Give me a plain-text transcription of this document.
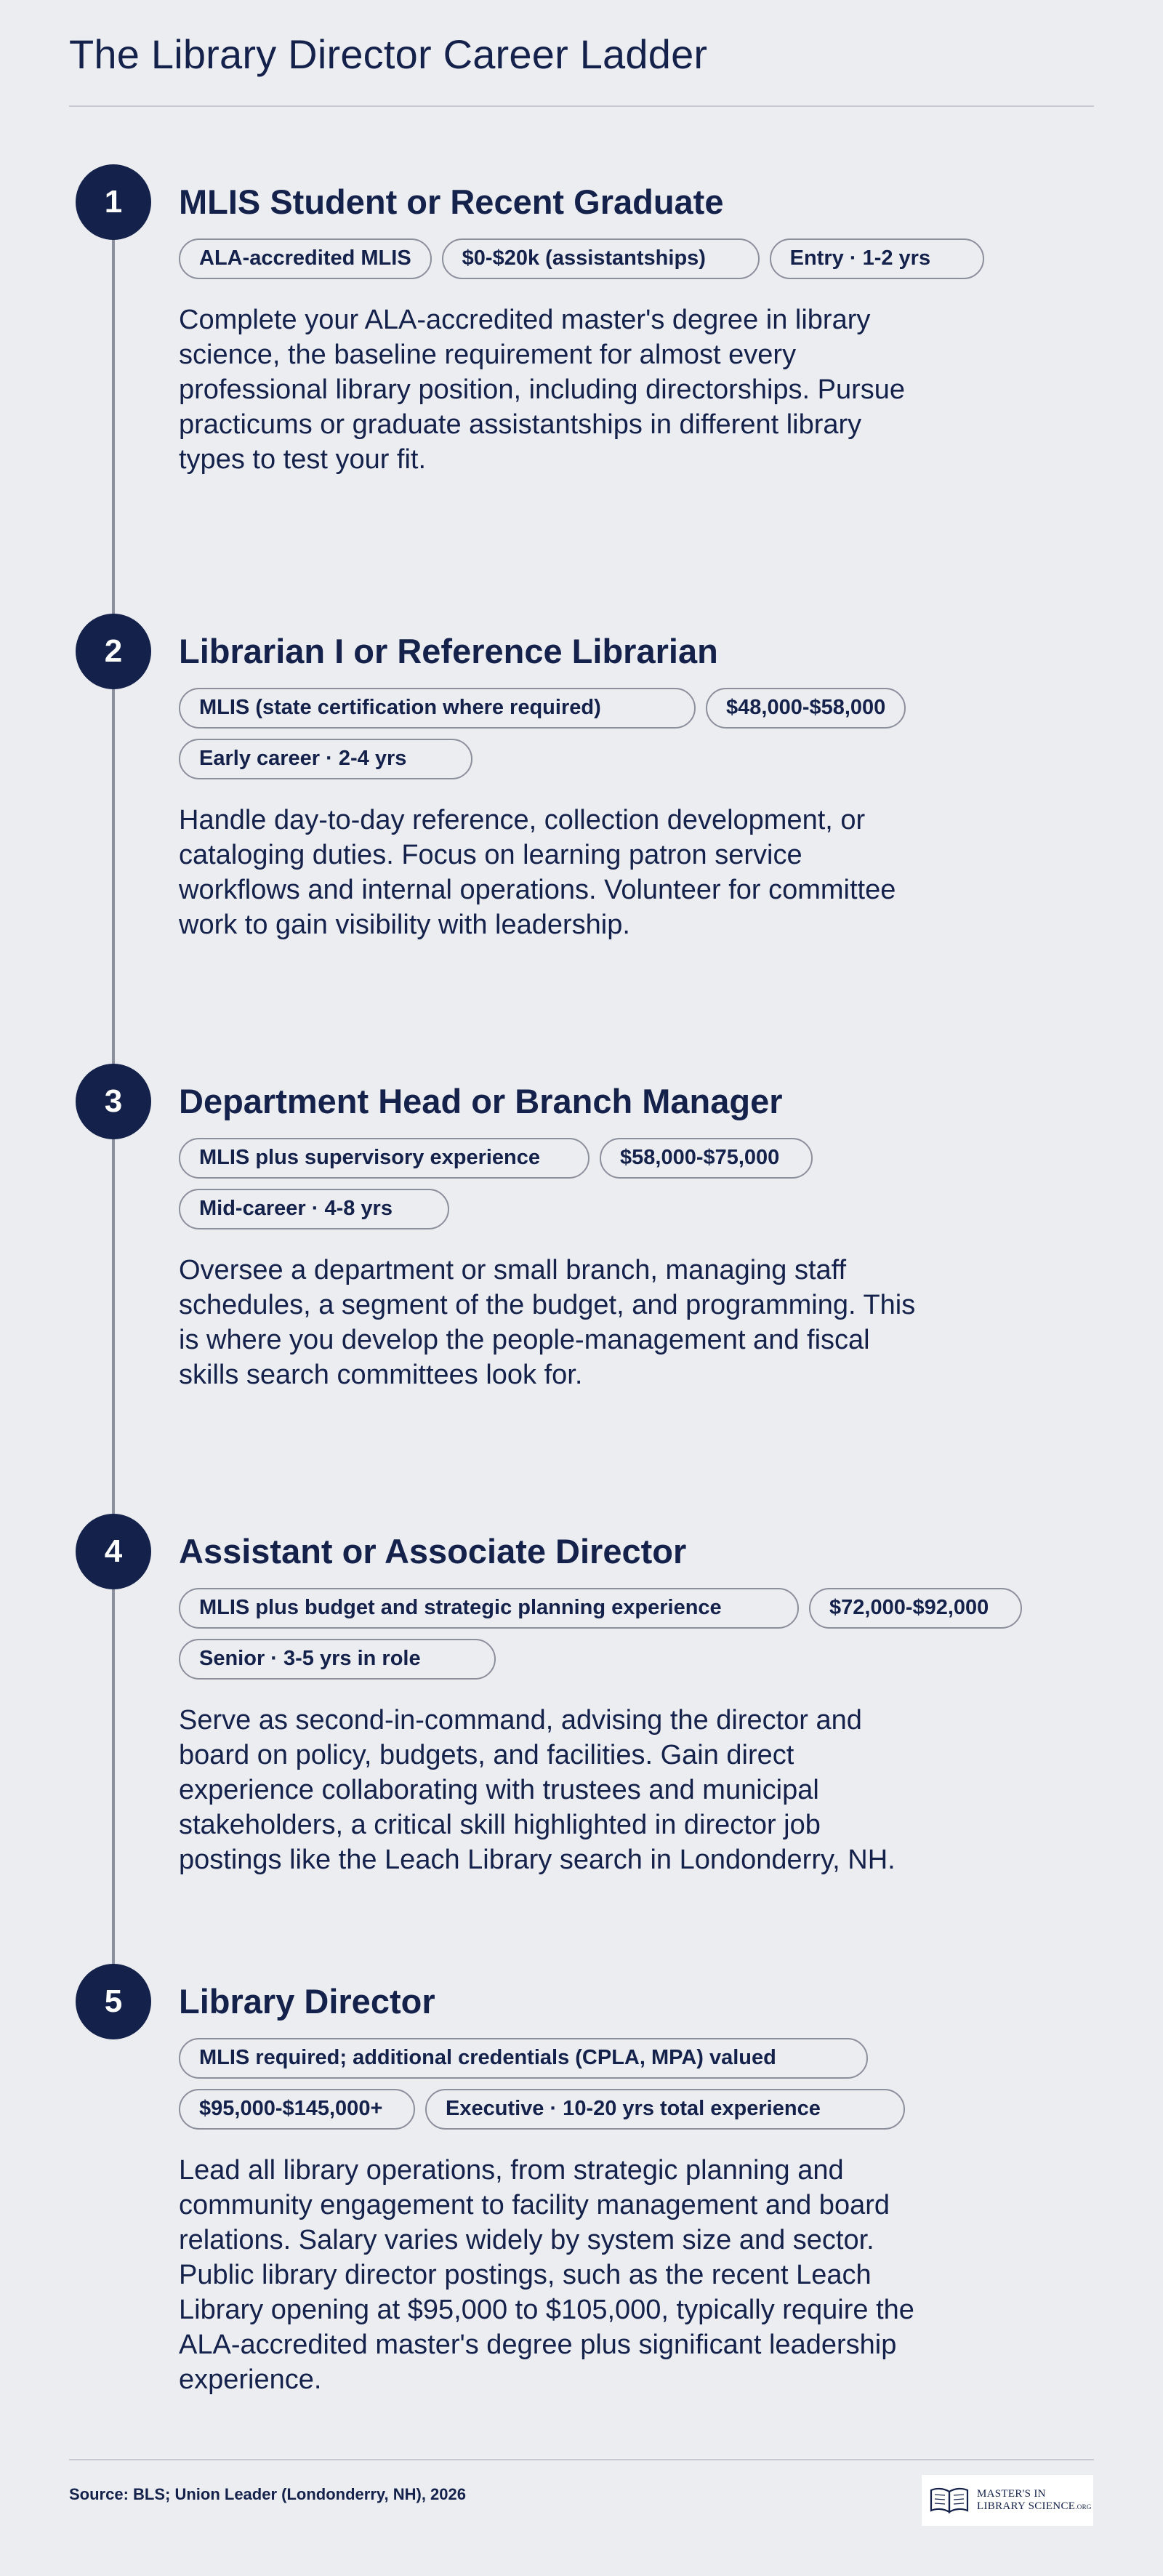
The Library Director Career Ladder
1	MLIS Student or Recent Graduate
ALA-accredited MLIS	$0-$20k (assistantships)	Entry · 1-2 yrs

Complete your ALA-accredited master's degree in library science, the baseline requirement for almost every professional library position, including directorships. Pursue practicums or graduate assistantships in different library types to test your fit.

2	Librarian I or Reference Librarian
MLIS (state certification where required)	$48,000-$58,000
Early career · 2-4 yrs

Handle day-to-day reference, collection development, or cataloging duties. Focus on learning patron service workflows and internal operations. Volunteer for committee work to gain visibility with leadership.

3	Department Head or Branch Manager
MLIS plus supervisory experience	$58,000-$75,000
Mid-career · 4-8 yrs

Oversee a department or small branch, managing staff schedules, a segment of the budget, and programming. This is where you develop the people-management and fiscal skills search committees look for.

4	Assistant or Associate Director
MLIS plus budget and strategic planning experience	$72,000-$92,000
Senior · 3-5 yrs in role

Serve as second-in-command, advising the director and board on policy, budgets, and facilities. Gain direct experience collaborating with trustees and municipal stakeholders, a critical skill highlighted in director job postings like the Leach Library search in Londonderry, NH.

5	Library Director
MLIS required; additional credentials (CPLA, MPA) valued
$95,000-$145,000+	Executive · 10-20 yrs total experience

Lead all library operations, from strategic planning and community engagement to facility management and board relations. Salary varies widely by system size and sector. Public library director postings, such as the recent Leach Library opening at $95,000 to $105,000, typically require the ALA-accredited master's degree plus significant leadership experience.

Source: BLS; Union Leader (Londonderry, NH), 2026	MASTER'S IN
LIBRARY SCIENCE.ORG
